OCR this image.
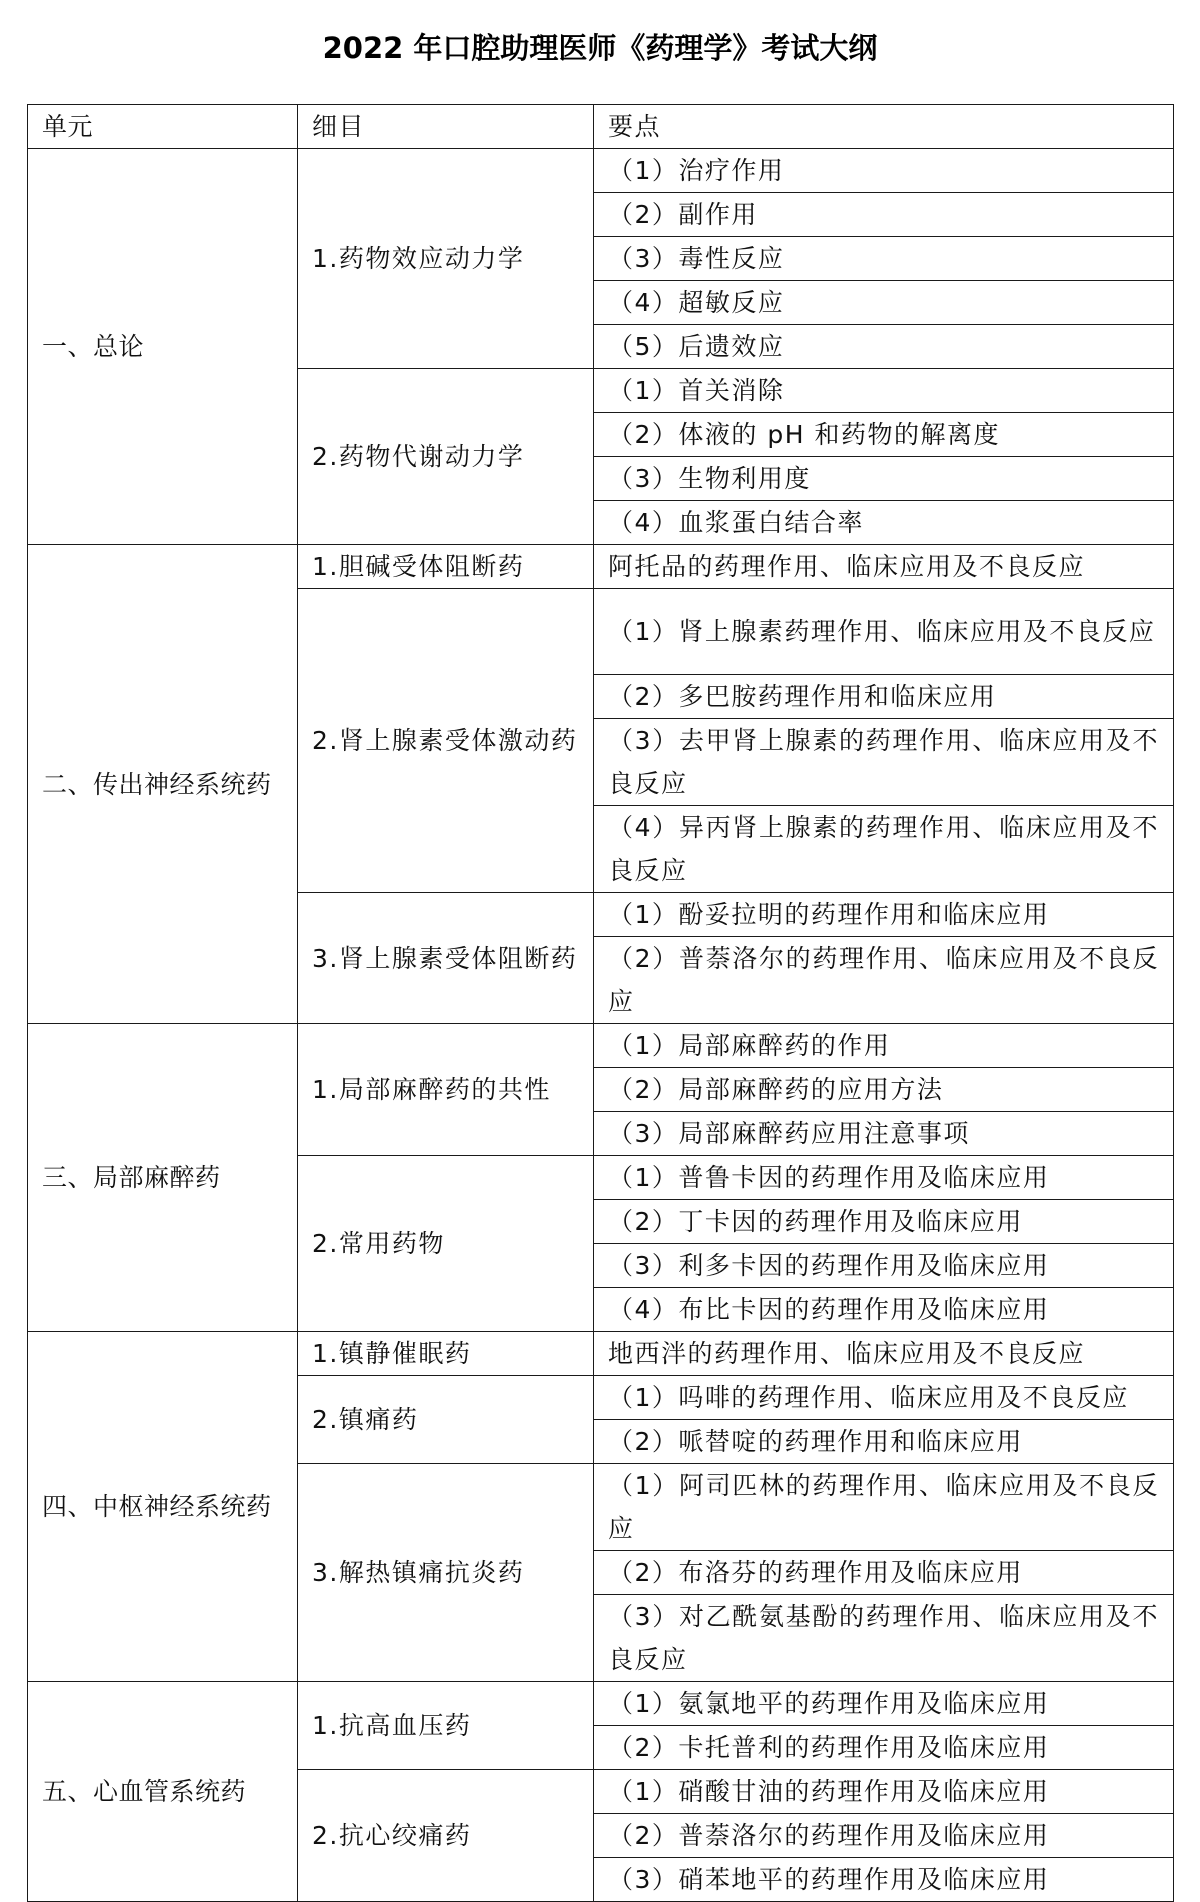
2022 年口腔助理医师《药理学》考试大纲
单元	细目	要点
一、总论	1.药物效应动力学	（1）治疗作用
		（2）副作用
		（3）毒性反应
		（4）超敏反应
		（5）后遗效应
	2.药物代谢动力学	（1）首关消除
		（2）体液的 pH 和药物的解离度
		（3）生物利用度
		（4）血浆蛋白结合率
二、传出神经系统药	1.胆碱受体阻断药	阿托品的药理作用、临床应用及不良反应
	2.肾上腺素受体激动药	（1）肾上腺素药理作用、临床应用及不良反应

		（2）多巴胺药理作用和临床应用
		（3）去甲肾上腺素的药理作用、临床应用及不良反应

		（4）异丙肾上腺素的药理作用、临床应用及不良反应

	3.肾上腺素受体阻断药	（1）酚妥拉明的药理作用和临床应用
		（2）普萘洛尔的药理作用、临床应用及不良反应

三、局部麻醉药	1.局部麻醉药的共性	（1）局部麻醉药的作用
		（2）局部麻醉药的应用方法
		（3）局部麻醉药应用注意事项
	2.常用药物	（1）普鲁卡因的药理作用及临床应用
		（2）丁卡因的药理作用及临床应用
		（3）利多卡因的药理作用及临床应用
		（4）布比卡因的药理作用及临床应用
四、中枢神经系统药	1.镇静催眠药	地西泮的药理作用、临床应用及不良反应
	2.镇痛药	（1）吗啡的药理作用、临床应用及不良反应
		（2）哌替啶的药理作用和临床应用
	3.解热镇痛抗炎药	（1）阿司匹林的药理作用、临床应用及不良反应

		（2）布洛芬的药理作用及临床应用
		（3）对乙酰氨基酚的药理作用、临床应用及不良反应

五、心血管系统药	1.抗高血压药	（1）氨氯地平的药理作用及临床应用
		（2）卡托普利的药理作用及临床应用
	2.抗心绞痛药	（1）硝酸甘油的药理作用及临床应用
		（2）普萘洛尔的药理作用及临床应用
		（3）硝苯地平的药理作用及临床应用
